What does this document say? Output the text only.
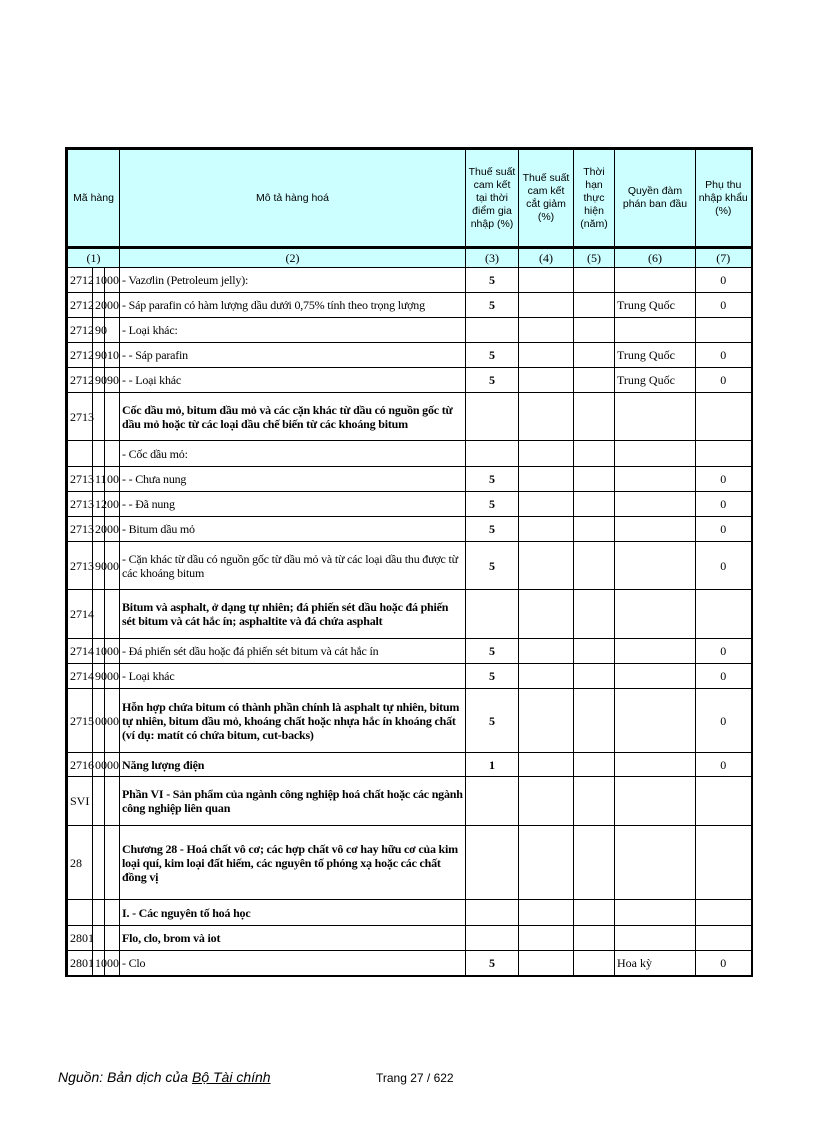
Mã hàng			Mô tả hàng hoá	Thuế suất cam kết tại thời điểm gia nhập (%)	Thuế suất cam kết cắt giảm (%)	Thời hạn thực hiện (năm)	Quyền đàm phán ban đầu	Phụ thu nhập khẩu (%)
(1)			(2)	(3)	(4)	(5)	(6)	(7)
2712	10	00	- Vazơlin (Petroleum jelly):	5				0
2712	20	00	- Sáp parafin có hàm lượng dầu dưới 0,75% tính theo trọng lượng	5			Trung Quốc	0
2712	90		- Loại khác:					
2712	90	10	- - Sáp parafin	5			Trung Quốc	0
2712	90	90	- - Loại khác	5			Trung Quốc	0
2713			Cốc dầu mỏ, bitum dầu mỏ và các cặn khác từ dầu có nguồn gốc từ dầu mỏ hoặc từ các loại dầu chế biến từ các khoáng bitum					
			- Cốc dầu mỏ:					
2713	11	00	- - Chưa nung	5				0
2713	12	00	- - Đã nung	5				0
2713	20	00	- Bitum dầu mỏ	5				0
2713	90	00	- Cặn khác từ dầu có nguồn gốc từ dầu mỏ và từ các loại dầu thu được từ các khoáng bitum	5				0
2714			Bitum và asphalt, ở dạng tự nhiên; đá phiến sét dầu hoặc đá phiến sét bitum và cát hắc ín; asphaltite và đá chứa asphalt					
2714	10	00	- Đá phiến sét dầu hoặc đá phiến sét bitum và cát hắc ín	5				0
2714	90	00	- Loại khác	5				0
2715	00	00	Hỗn hợp chứa bitum có thành phần chính là asphalt tự nhiên, bitum tự nhiên, bitum dầu mỏ, khoáng chất hoặc nhựa hắc ín khoáng chất (ví dụ: matít có chứa bitum, cut-backs)	5				0
2716	00	00	Năng lượng điện	1				0
SVI			Phần VI - Sản phẩm của ngành công nghiệp hoá chất hoặc các ngành công nghiệp liên quan					
28			Chương 28 - Hoá chất vô cơ; các hợp chất vô cơ hay hữu cơ của kim loại quí, kim loại đất hiếm, các nguyên tố phóng xạ hoặc các chất đồng vị					
			I. - Các nguyên tố hoá học					
2801			Flo, clo, brom và iot					
2801	10	00	- Clo	5			Hoa kỳ	0
Nguồn: Bản dịch của Bộ Tài chính	Trang 27 / 622
